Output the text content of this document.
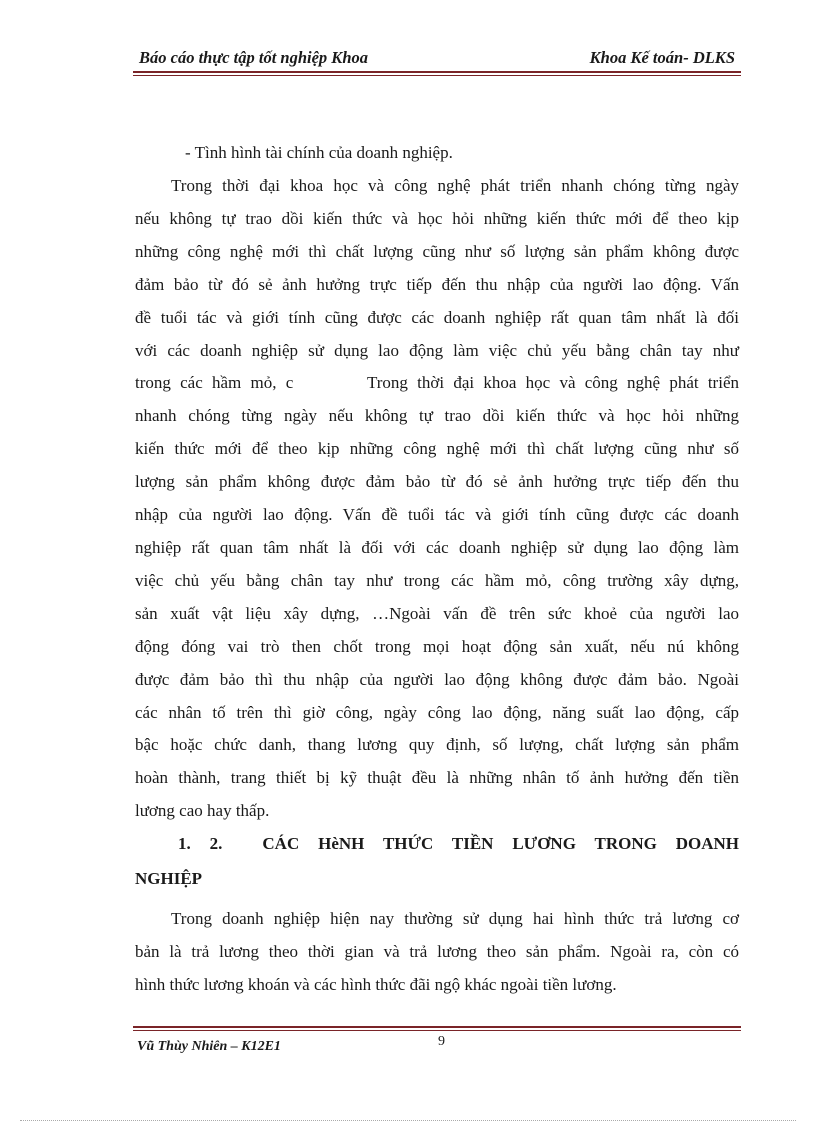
Báo cáo thực tập tốt nghiệp Khoa	Khoa Kế toán- DLKS
- Tình hình tài chính của doanh nghiệp.
Trong thời đại khoa học và công nghệ phát triển nhanh chóng từng ngày
nếu không tự trao dồi kiến thức và học hỏi những kiến thức mới để theo kịp
những công nghệ mới thì chất lượng cũng như số lượng sản phẩm không được
đảm bảo từ đó sẻ ảnh hưởng trực tiếp đến thu nhập của người lao động. Vấn
đề tuổi tác và giới tính cũng được các doanh nghiệp rất quan tâm nhất là đối
với các doanh nghiệp sử dụng lao động làm việc chủ yếu bằng chân tay như
trong các hầm mỏ, c        Trong thời đại khoa học và công nghệ phát triển
nhanh chóng từng ngày nếu không tự trao dồi kiến thức và học hỏi những
kiến thức mới để theo kịp những công nghệ mới thì chất lượng cũng như số
lượng sản phẩm không được đảm bảo từ đó sẻ ảnh hưởng trực tiếp đến thu
nhập của người lao động. Vấn đề tuổi tác và giới tính cũng được các doanh
nghiệp rất quan tâm nhất là đối với các doanh nghiệp sử dụng lao động làm
việc chủ yếu bằng chân tay như trong các hầm mỏ, công trường xây dựng,
sản xuất vật liệu xây dựng, …Ngoài vấn đề trên sức khoẻ của người lao
động đóng vai trò then chốt trong mọi hoạt động sản xuất, nếu nú không
được đảm bảo thì thu nhập của người lao động không được đảm bảo. Ngoài
các nhân tố trên thì giờ công, ngày công lao động, năng suất lao động, cấp
bậc hoặc chức danh, thang lương quy định, số lượng, chất lượng sản phẩm
hoàn thành, trang thiết bị kỹ thuật đều là những nhân tố ảnh hưởng đến tiền
lương cao hay thấp.
1. 2. CÁC HèNH THỨC TIỀN LƯƠNG TRONG DOANH
NGHIỆP
Trong doanh nghiệp hiện nay thường sử dụng hai hình thức trả lương cơ
bản là trả lương theo thời gian và trả lương theo sản phẩm. Ngoài ra, còn có
hình thức lương khoán và các hình thức đãi ngộ khác ngoài tiền lương.
9
Vũ Thùy Nhiên – K12E1
